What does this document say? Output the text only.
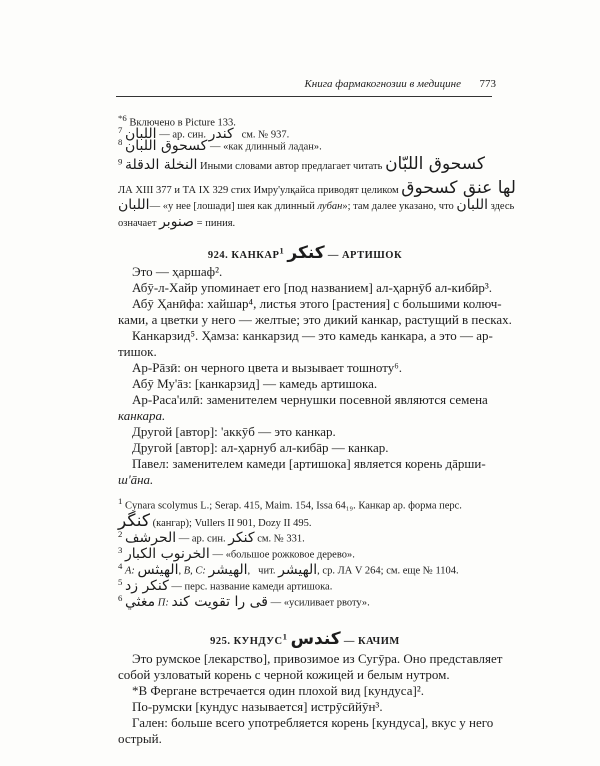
Книга фармакогнозии в медицине 773
$^{*6}$ Включено в Picture 133.
$^7$ اللبان — ар. син. كندر см. № 937.
$^8$ كسحوق اللبان — «как длинный ладан».
$^9$ النخلة الدقلة Иными словами автор предлагает читать كسحوق اللبّان
ЛА XIII 377 и ТА IX 329 стих Имру'улқайса приводят целиком لها عنق كسحوق
اللبان— «у нее [лошади] шея как длинный лубан»; там далее указано, что اللبان здесь
означает صنوبر = пиния.
924. КАНКАР$^1$ كنكر — АРТИШОК
Это — ҳаршаф².
Абӯ-л-Хайр упоминает его [под названием] ал-ҳарнӯб ал-кибӣр³.
Абӯ Ҳанӣфа: хайшар⁴, листья этого [растения] с большими колюч-
ками, а цветки у него — желтые; это дикий канкар, растущий в песках.
Канкарзид⁵. Ҳамза: канкарзид — это камедь канкара, а это — ар-
тишок.
Ар-Рāзӣ: он черного цвета и вызывает тошноту⁶.
Абӯ Му'āз: [канкарзид] — камедь артишока.
Ар-Раса'илӣ: заменителем чернушки посевной являются семена
канкара.
Другой [автор]: 'аккӯб — это канкар.
Другой [автор]: ал-ҳарнуб ал-кибāр — канкар.
Павел: заменителем камеди [артишока] является корень дāрши-
ш'āна.
$^1$ Cynara scolymus L.; Serap. 415, Maim. 154, Issa 64₁₉. Канкар ар. форма перс.
كنگر (кангар); Vullers II 901, Dozy II 495.
$^2$ الحرشف — ар. син. كنكر см. № 331.
$^3$ الخرنوب الكبار — «большое рожковое дерево».
$^4$ A: الهيثس, B, C: الهيشر, чит. الهيشر, ср. ЛА V 264; см. еще № 1104.
$^5$ كنكر زد — перс. название камеди артишока.
$^6$ مغثي П: قی را تقویت کند — «усиливает рвоту».
925. КУНДУС$^1$ كندس — КАЧИМ
Это румское [лекарство], привозимое из Сугӯра. Оно представляет
собой узловатый корень с черной кожицей и белым нутром.
*В Фергане встречается один плохой вид [кундуса]².
По-румски [кундус называется] истрӯсӣйӯн³.
Гален: больше всего употребляется корень [кундуса], вкус у него
острый.
